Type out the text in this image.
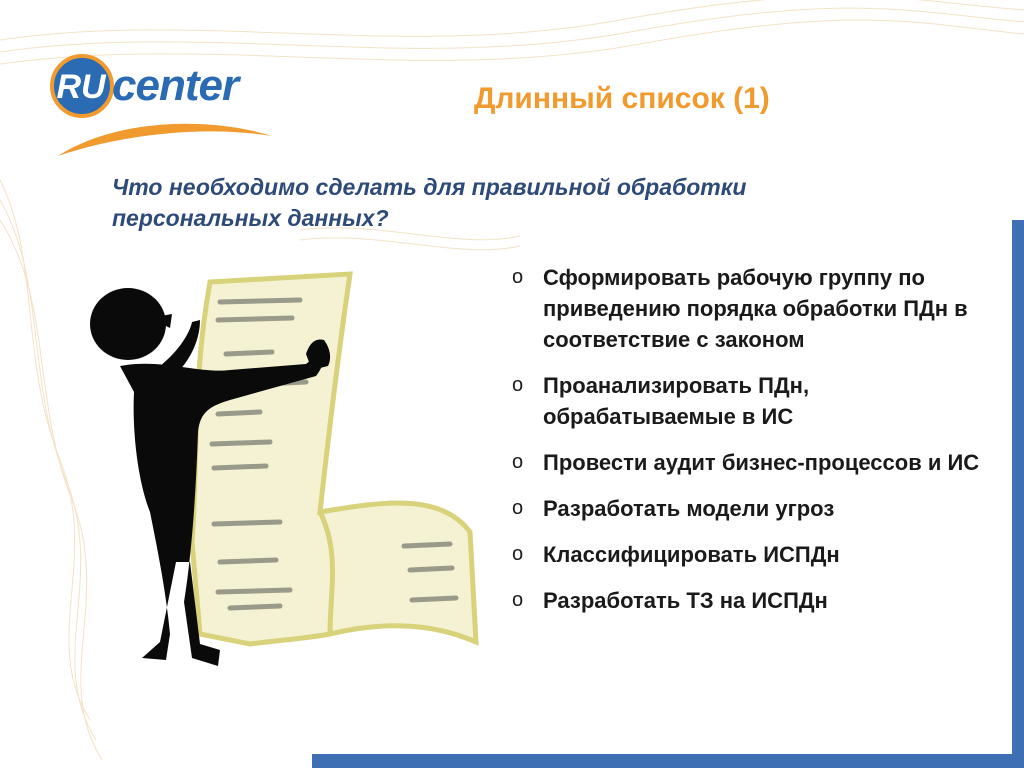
RU center	Длинный список (1)
Что необходимо сделать для правильной обработки персональных данных?
o Сформировать рабочую группу по приведению порядка обработки ПДн в соответствие с законом
o Проанализировать ПДн, обрабатываемые в ИС
o Провести аудит бизнес-процессов и ИС
o Разработать модели угроз
o Классифицировать ИСПДн
o Разработать ТЗ на ИСПДн
